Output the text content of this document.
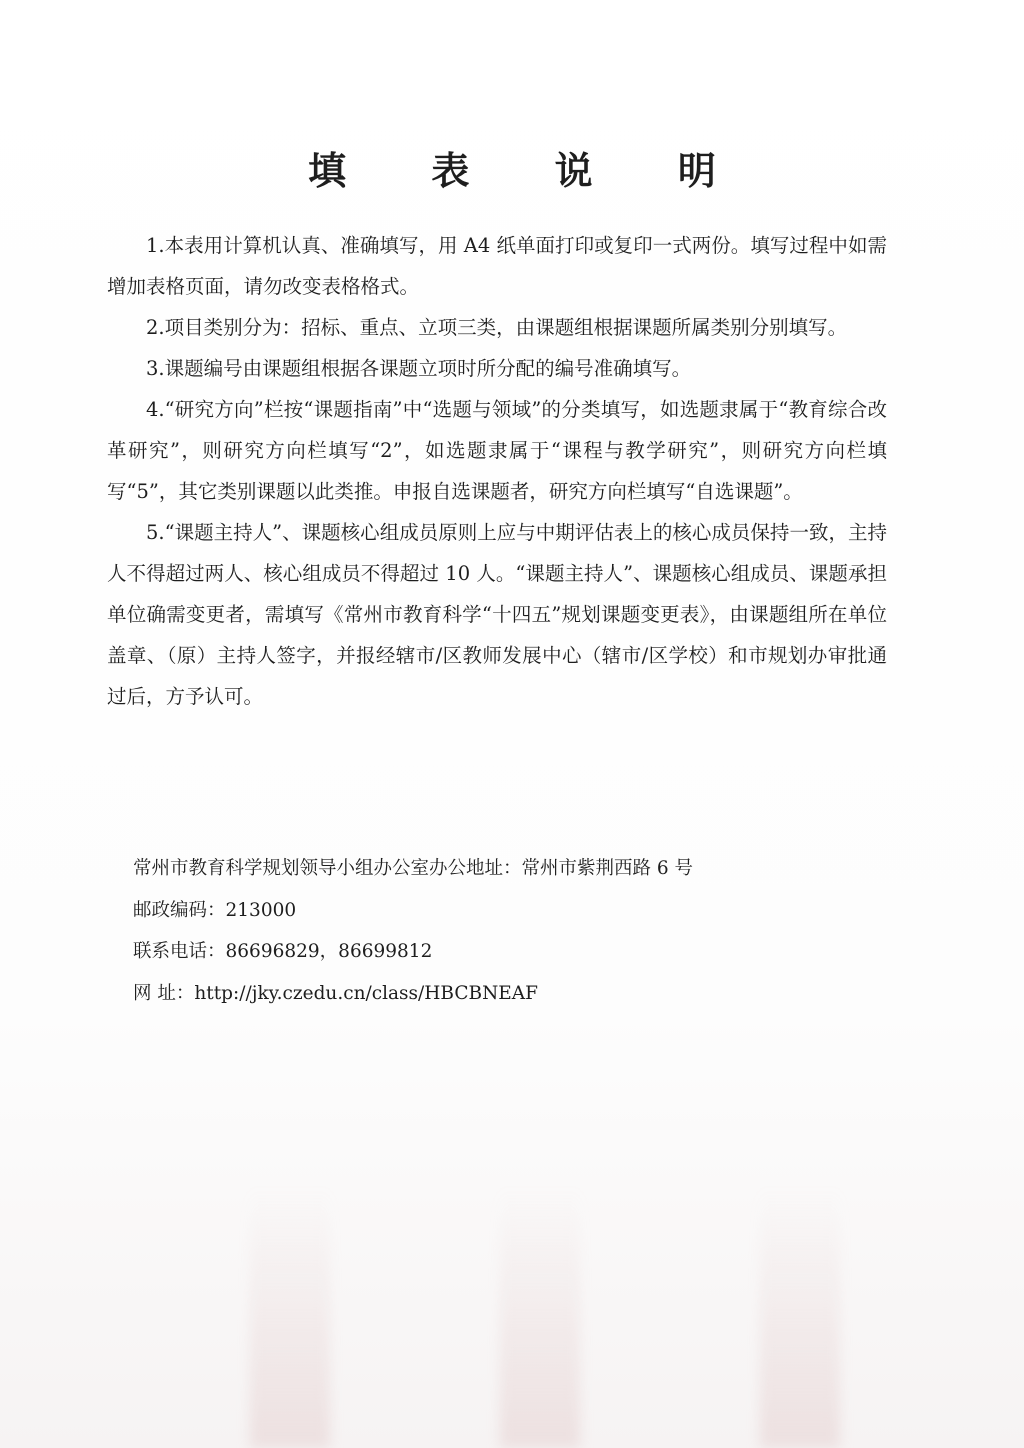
填 表 说 明

1.本表用计算机认真、准确填写，用 A4 纸单面打印或复印一式两份。填写过程中如需增加表格页面，请勿改变表格格式。

2.项目类别分为：招标、重点、立项三类，由课题组根据课题所属类别分别填写。

3.课题编号由课题组根据各课题立项时所分配的编号准确填写。

4.“研究方向”栏按“课题指南”中“选题与领域”的分类填写，如选题隶属于“教育综合改革研究”，则研究方向栏填写“2”，如选题隶属于“课程与教学研究”，则研究方向栏填写“5”，其它类别课题以此类推。申报自选课题者，研究方向栏填写“自选课题”。

5.“课题主持人”、课题核心组成员原则上应与中期评估表上的核心成员保持一致，主持人不得超过两人、核心组成员不得超过 10 人。“课题主持人”、课题核心组成员、课题承担单位确需变更者，需填写《常州市教育科学“十四五”规划课题变更表》，由课题组所在单位盖章、（原）主持人签字，并报经辖市/区教师发展中心（辖市/区学校）和市规划办审批通过后，方予认可。

常州市教育科学规划领导小组办公室办公地址： 常州市紫荆西路 6 号
邮政编码： 213000
联系电话： 86696829，86699812
网 址： http://jky.czedu.cn/class/HBCBNEAF
